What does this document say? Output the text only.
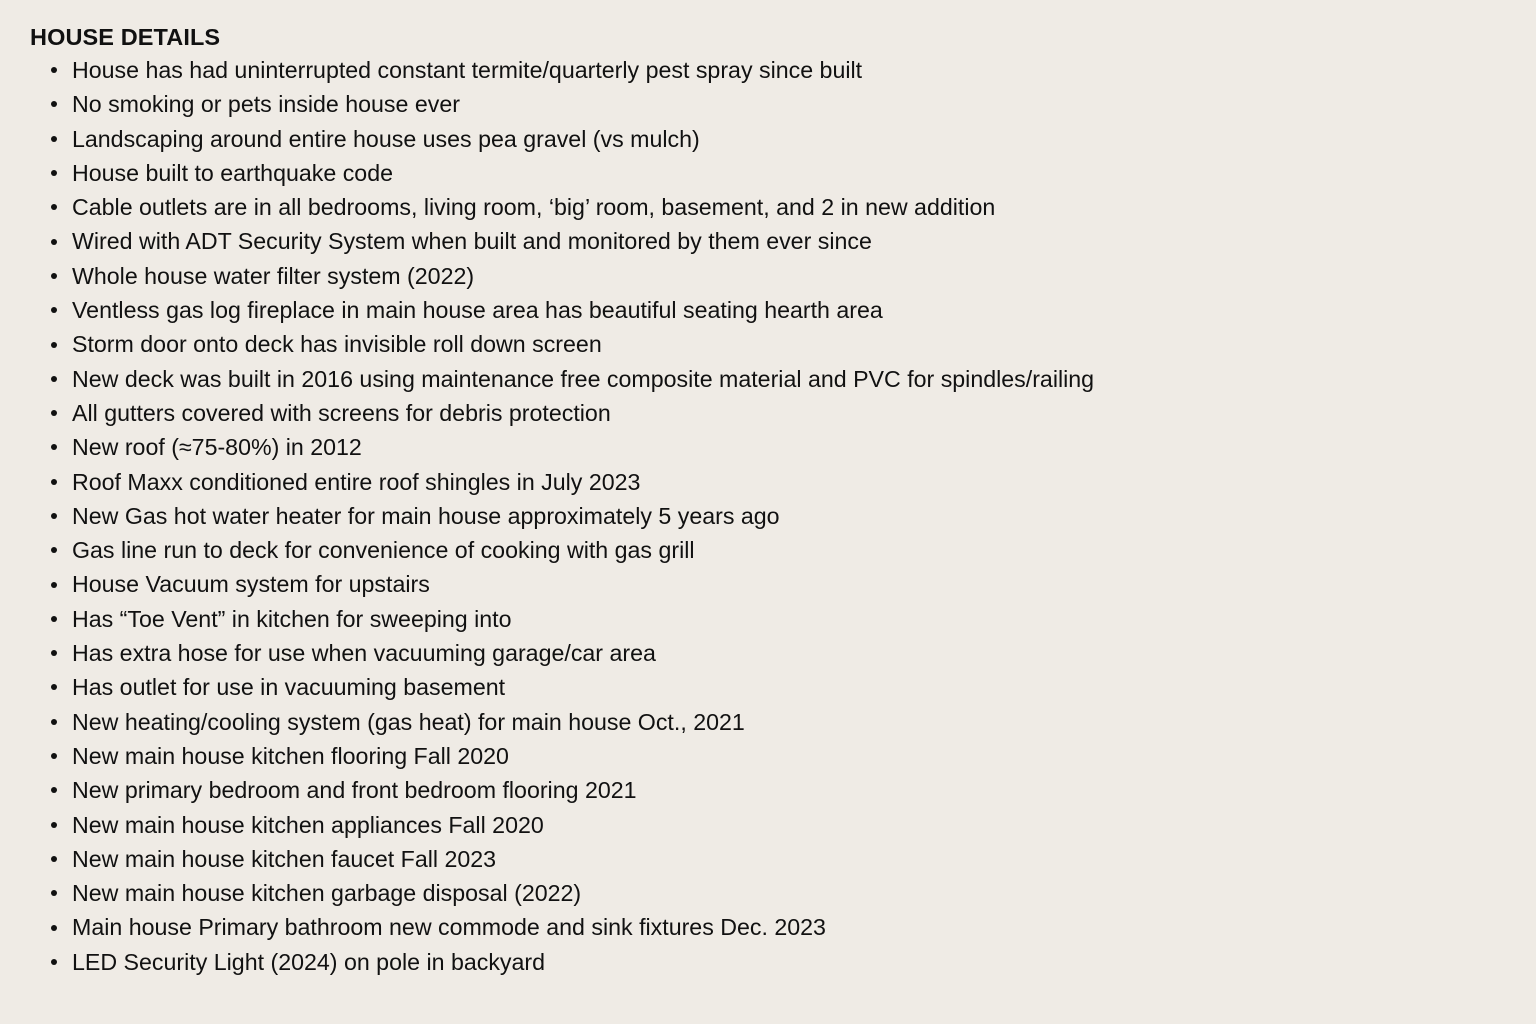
HOUSE DETAILS
House has had uninterrupted constant termite/quarterly pest spray since built
No smoking or pets inside house ever
Landscaping around entire house uses pea gravel (vs mulch)
House built to earthquake code
Cable outlets are in all bedrooms, living room, ‘big’ room, basement, and 2 in new addition
Wired with ADT Security System when built and monitored by them ever since
Whole house water filter system (2022)
Ventless gas log fireplace in main house area has beautiful seating hearth area
Storm door onto deck has invisible roll down screen
New deck was built in 2016 using maintenance free composite material and PVC for spindles/railing
All gutters covered with screens for debris protection
New roof (≈75-80%) in 2012
Roof Maxx conditioned entire roof shingles in July 2023
New Gas hot water heater for main house approximately 5 years ago
Gas line run to deck for convenience of cooking with gas grill
House Vacuum system for upstairs
Has “Toe Vent” in kitchen for sweeping into
Has extra hose for use when vacuuming garage/car area
Has outlet for use in vacuuming basement
New heating/cooling system (gas heat) for main house Oct., 2021
New main house kitchen flooring Fall 2020
New primary bedroom and front bedroom flooring 2021
New main house kitchen appliances Fall 2020
New main house kitchen faucet Fall 2023
New main house kitchen garbage disposal (2022)
Main house Primary bathroom new commode and sink fixtures Dec. 2023
LED Security Light (2024) on pole in backyard
